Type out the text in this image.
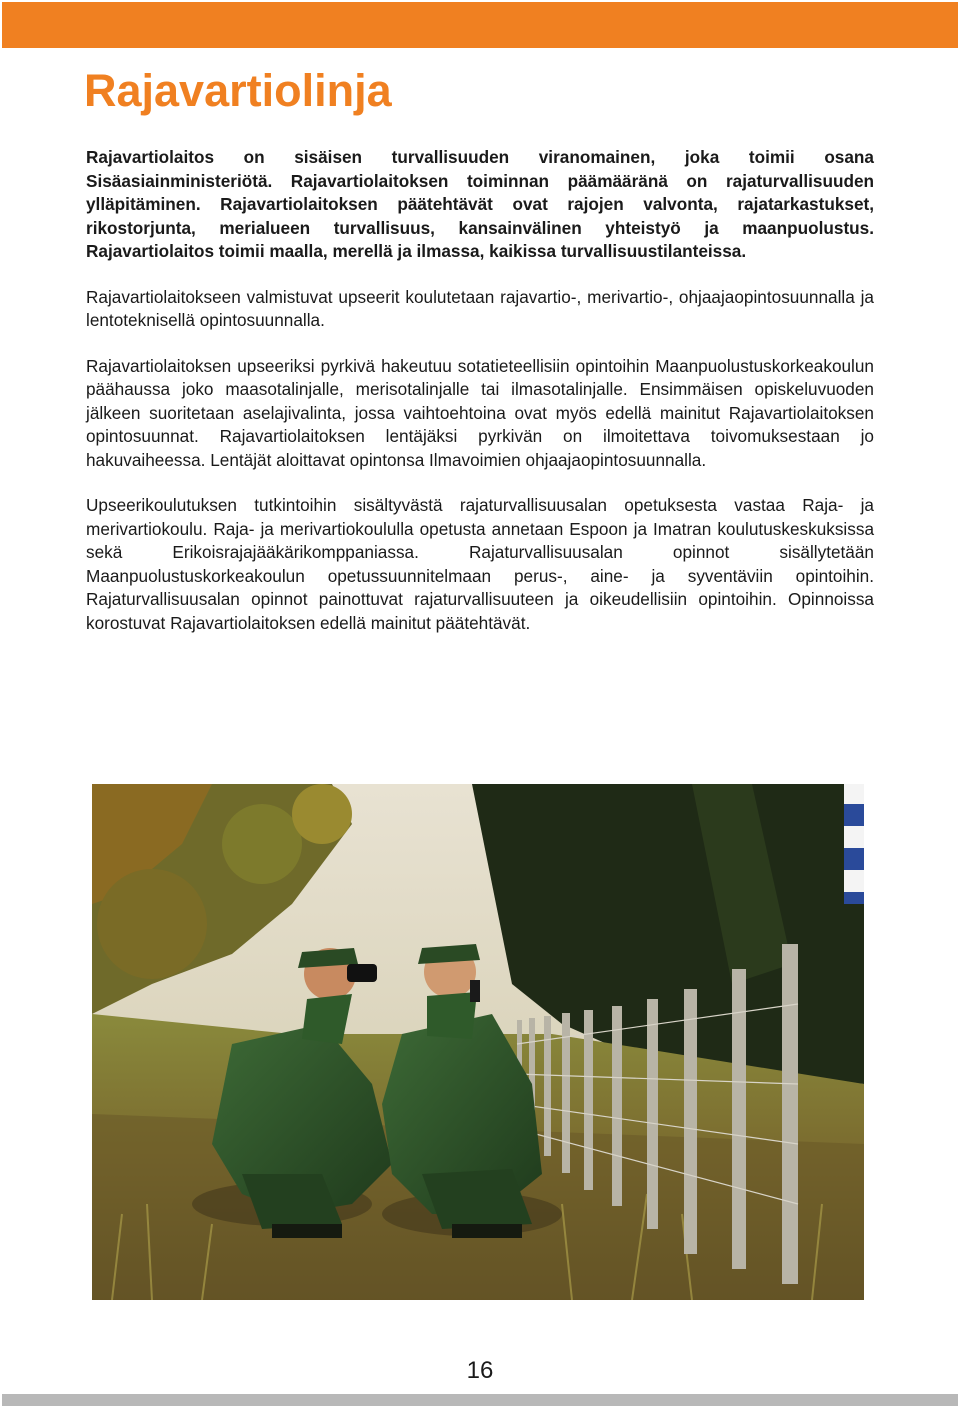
Rajavartiolinja

Rajavartiolaitos on sisäisen turvallisuuden viranomainen, joka toimii osana Sisäasiainministeriötä. Rajavartiolaitoksen toiminnan päämääränä on rajaturvallisuuden ylläpitäminen. Rajavartiolaitoksen päätehtävät ovat rajojen valvonta, rajatarkastukset, rikostorjunta, merialueen turvallisuus, kansainvälinen yhteistyö ja maanpuolustus. Rajavartiolaitos toimii maalla, merellä ja ilmassa, kaikissa turvallisuustilanteissa.

Rajavartiolaitokseen valmistuvat upseerit koulutetaan rajavartio-, merivartio-, ohjaajaopintosuunnalla ja lentoteknisellä opintosuunnalla.

Rajavartiolaitoksen upseeriksi pyrkivä hakeutuu sotatieteellisiin opintoihin Maanpuolustuskorkeakoulun päähaussa joko maasotalinjalle, merisotalinjalle tai ilmasotalinjalle. Ensimmäisen opiskeluvuoden jälkeen suoritetaan aselajivalinta, jossa vaihtoehtoina ovat myös edellä mainitut Rajavartiolaitoksen opintosuunnat. Rajavartiolaitoksen lentäjäksi pyrkivän on ilmoitettava toivomuksestaan jo hakuvaiheessa. Lentäjät aloittavat opintonsa Ilmavoimien ohjaajaopintosuunnalla.

Upseerikoulutuksen tutkintoihin sisältyvästä rajaturvallisuusalan opetuksesta vastaa Raja- ja merivartiokoulu. Raja- ja merivartiokoululla opetusta annetaan Espoon ja Imatran koulutuskeskuksissa sekä Erikoisrajajääkärikomppaniassa. Rajaturvallisuusalan opinnot sisällytetään Maanpuolustuskorkeakoulun opetussuunnitelmaan perus-, aine- ja syventäviin opintoihin. Rajaturvallisuusalan opinnot painottuvat rajaturvallisuuteen ja oikeudellisiin opintoihin. Opinnoissa korostuvat Rajavartiolaitoksen edellä mainitut päätehtävät.

16
